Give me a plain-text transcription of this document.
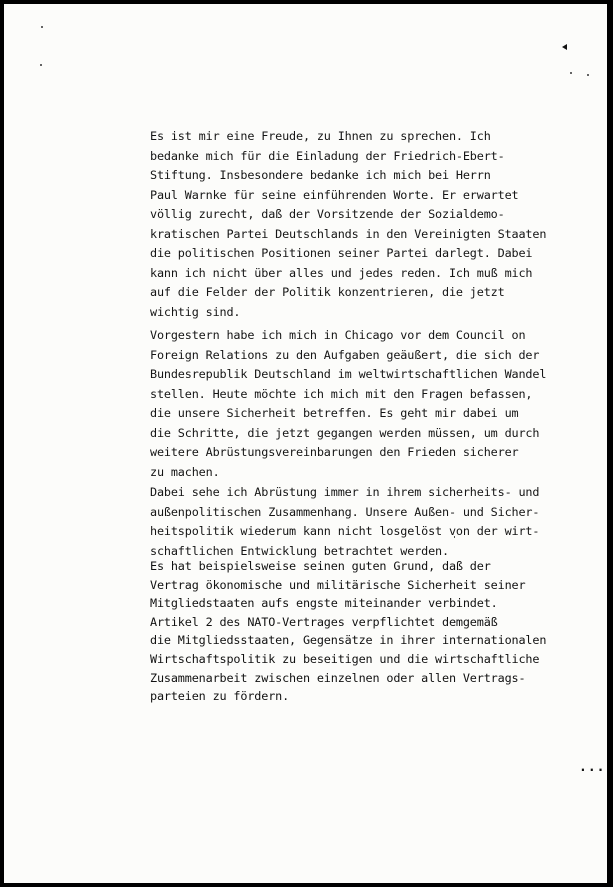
Es ist mir eine Freude, zu Ihnen zu sprechen. Ich
bedanke mich für die Einladung der Friedrich-Ebert-
Stiftung. Insbesondere bedanke ich mich bei Herrn
Paul Warnke für seine einführenden Worte. Er erwartet
völlig zurecht, daß der Vorsitzende der Sozialdemo-
kratischen Partei Deutschlands in den Vereinigten Staaten
die politischen Positionen seiner Partei darlegt. Dabei
kann ich nicht über alles und jedes reden. Ich muß mich
auf die Felder der Politik konzentrieren, die jetzt
wichtig sind.
Vorgestern habe ich mich in Chicago vor dem Council on
Foreign Relations zu den Aufgaben geäußert, die sich der
Bundesrepublik Deutschland im weltwirtschaftlichen Wandel
stellen. Heute möchte ich mich mit den Fragen befassen,
die unsere Sicherheit betreffen. Es geht mir dabei um
die Schritte, die jetzt gegangen werden müssen, um durch
weitere Abrüstungsvereinbarungen den Frieden sicherer
zu machen.
Dabei sehe ich Abrüstung immer in ihrem sicherheits- und
außenpolitischen Zusammenhang. Unsere Außen- und Sicher-
heitspolitik wiederum kann nicht losgelöst von der wirt-
schaftlichen Entwicklung betrachtet werden.
Es hat beispielsweise seinen guten Grund, daß der
Vertrag ökonomische und militärische Sicherheit seiner
Mitgliedstaaten aufs engste miteinander verbindet.
Artikel 2 des NATO-Vertrages verpflichtet demgemäß
die Mitgliedsstaaten, Gegensätze in ihrer internationalen
Wirtschaftspolitik zu beseitigen und die wirtschaftliche
Zusammenarbeit zwischen einzelnen oder allen Vertrags-
parteien zu fördern.
...
